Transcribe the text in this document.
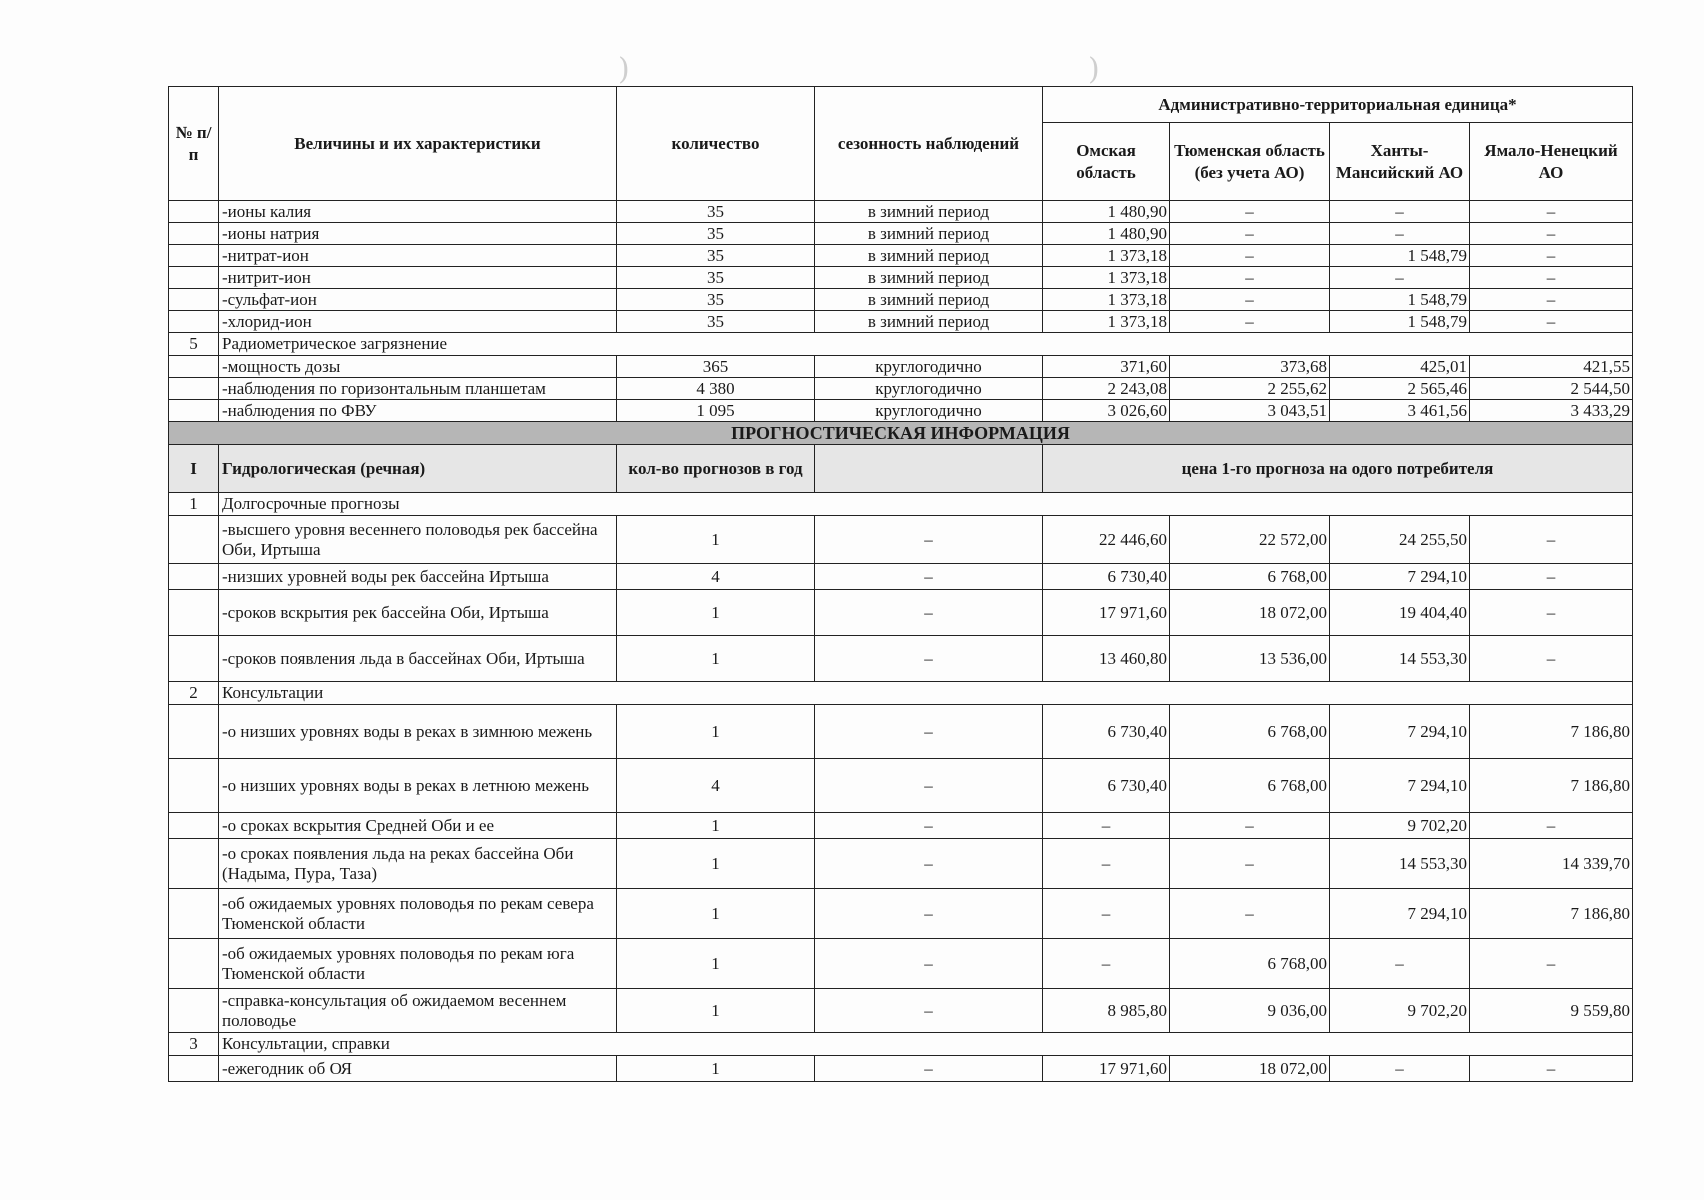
)	)
№ п/п	Величины и их характеристики	количество	сезонность наблюдений	Административно-территориальная единица*			
				Омская область	Тюменская область (без учета АО)	Ханты-Мансийский АО	Ямало-Ненецкий АО
	-ионы калия	35	в зимний период	1 480,90	–	–	–
	-ионы натрия	35	в зимний период	1 480,90	–	–	–
	-нитрат-ион	35	в зимний период	1 373,18	–	1 548,79	–
	-нитрит-ион	35	в зимний период	1 373,18	–	–	–
	-сульфат-ион	35	в зимний период	1 373,18	–	1 548,79	–
	-хлорид-ион	35	в зимний период	1 373,18	–	1 548,79	–
5	Радиометрическое загрязнение						
	-мощность дозы	365	круглогодично	371,60	373,68	425,01	421,55
	-наблюдения по горизонтальным планшетам	4 380	круглогодично	2 243,08	2 255,62	2 565,46	2 544,50
	-наблюдения по ФВУ	1 095	круглогодично	3 026,60	3 043,51	3 461,56	3 433,29
ПРОГНОСТИЧЕСКАЯ ИНФОРМАЦИЯ							
I	Гидрологическая (речная)	кол-во прогнозов в год		цена 1-го прогноза на одого потребителя			
1	Долгосрочные прогнозы						
	-высшего уровня весеннего половодья рек бассейна Оби, Иртыша	1	–	22 446,60	22 572,00	24 255,50	–
	-низших уровней воды рек бассейна Иртыша	4	–	6 730,40	6 768,00	7 294,10	–
	-сроков вскрытия рек бассейна Оби, Иртыша	1	–	17 971,60	18 072,00	19 404,40	–
	-сроков появления льда в бассейнах Оби, Иртыша	1	–	13 460,80	13 536,00	14 553,30	–
2	Консультации						
	-о низших уровнях воды в реках в зимнюю межень	1	–	6 730,40	6 768,00	7 294,10	7 186,80
	-о низших уровнях воды в реках в летнюю межень	4	–	6 730,40	6 768,00	7 294,10	7 186,80
	-о сроках вскрытия Средней Оби и ее	1	–	–	–	9 702,20	–
	-о сроках появления льда на реках бассейна Оби (Надыма, Пура, Таза)	1	–	–	–	14 553,30	14 339,70
	-об ожидаемых уровнях половодья по рекам севера Тюменской области	1	–	–	–	7 294,10	7 186,80
	-об ожидаемых уровнях половодья по рекам юга Тюменской области	1	–	–	6 768,00	–	–
	-справка-консультация об ожидаемом весеннем половодье	1	–	8 985,80	9 036,00	9 702,20	9 559,80
3	Консультации, справки						
	-ежегодник об ОЯ	1	–	17 971,60	18 072,00	–	–
